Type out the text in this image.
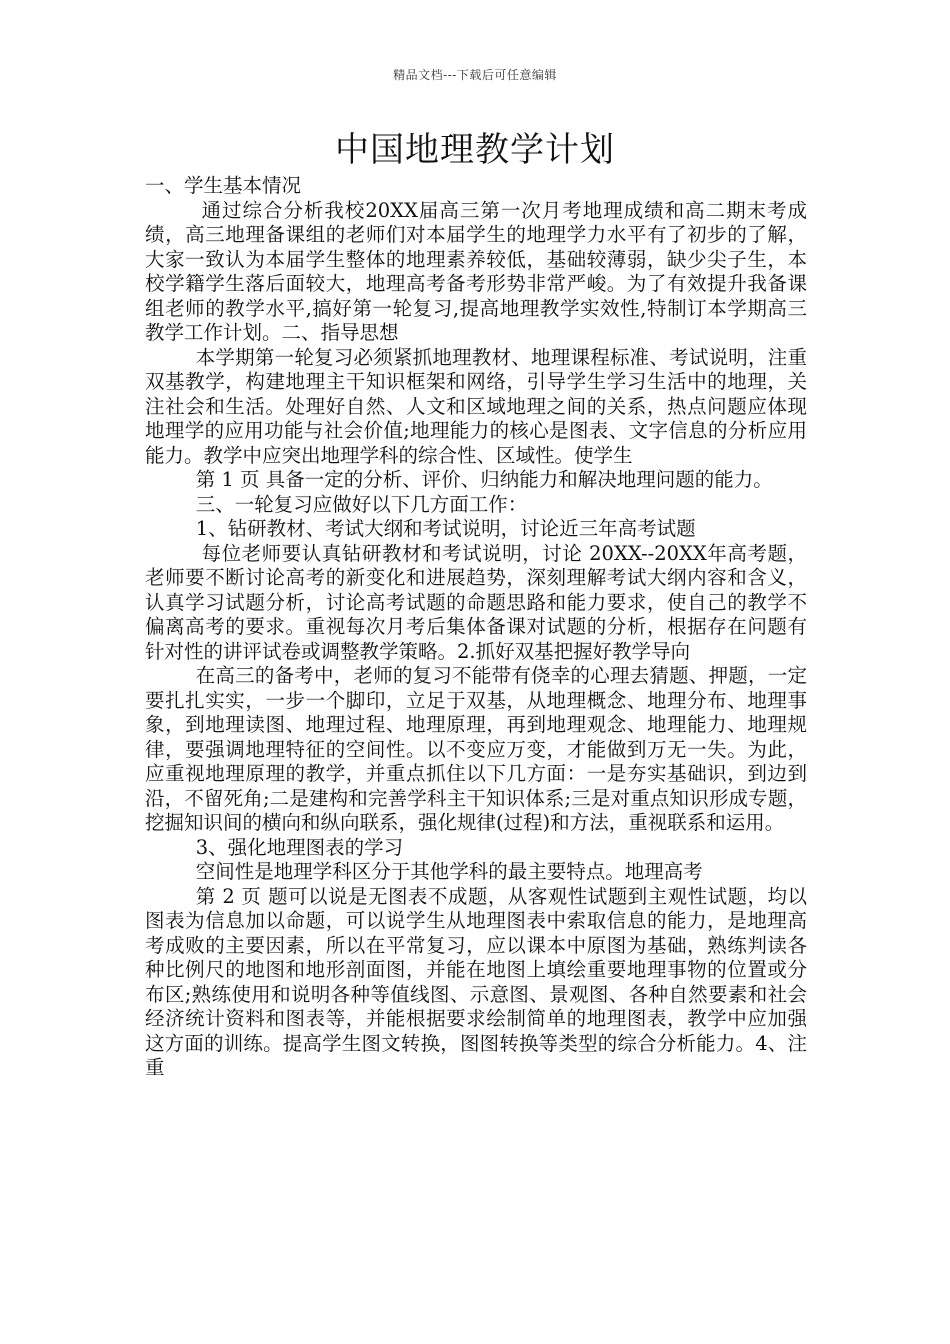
精品文档---下载后可任意编辑
中国地理教学计划

一、学生基本情况

通过综合分析我校20XX届高三第一次月考地理成绩和高二期末考成绩，高三地理备课组的老师们对本届学生的地理学力水平有了初步的了解，大家一致认为本届学生整体的地理素养较低，基础较薄弱，缺少尖子生，本校学籍学生落后面较大，地理高考备考形势非常严峻。为了有效提升我备课组老师的教学水平,搞好第一轮复习,提高地理教学实效性,特制订本学期高三教学工作计划。二、指导思想

本学期第一轮复习必须紧抓地理教材、地理课程标准、考试说明，注重双基教学，构建地理主干知识框架和网络，引导学生学习生活中的地理，关注社会和生活。处理好自然、人文和区域地理之间的关系，热点问题应体现地理学的应用功能与社会价值;地理能力的核心是图表、文字信息的分析应用能力。教学中应突出地理学科的综合性、区域性。使学生

第 1 页 具备一定的分析、评价、归纳能力和解决地理问题的能力。

三、一轮复习应做好以下几方面工作：

1、钻研教材、考试大纲和考试说明，讨论近三年高考试题

每位老师要认真钻研教材和考试说明，讨论 20XX--20XX年高考题，老师要不断讨论高考的新变化和进展趋势，深刻理解考试大纲内容和含义，认真学习试题分析，讨论高考试题的命题思路和能力要求，使自己的教学不偏离高考的要求。重视每次月考后集体备课对试题的分析，根据存在问题有针对性的讲评试卷或调整教学策略。2.抓好双基把握好教学导向

在高三的备考中，老师的复习不能带有侥幸的心理去猜题、押题，一定要扎扎实实，一步一个脚印，立足于双基，从地理概念、地理分布、地理事象，到地理读图、地理过程、地理原理，再到地理观念、地理能力、地理规律，要强调地理特征的空间性。以不变应万变，才能做到万无一失。为此，应重视地理原理的教学，并重点抓住以下几方面：一是夯实基础识，到边到沿，不留死角;二是建构和完善学科主干知识体系;三是对重点知识形成专题，挖掘知识间的横向和纵向联系，强化规律(过程)和方法，重视联系和运用。

3、强化地理图表的学习

空间性是地理学科区分于其他学科的最主要特点。地理高考

第 2 页 题可以说是无图表不成题，从客观性试题到主观性试题，均以图表为信息加以命题，可以说学生从地理图表中索取信息的能力，是地理高考成败的主要因素，所以在平常复习，应以课本中原图为基础，熟练判读各种比例尺的地图和地形剖面图，并能在地图上填绘重要地理事物的位置或分布区;熟练使用和说明各种等值线图、示意图、景观图、各种自然要素和社会经济统计资料和图表等，并能根据要求绘制简单的地理图表，教学中应加强这方面的训练。提高学生图文转换，图图转换等类型的综合分析能力。4、注重
